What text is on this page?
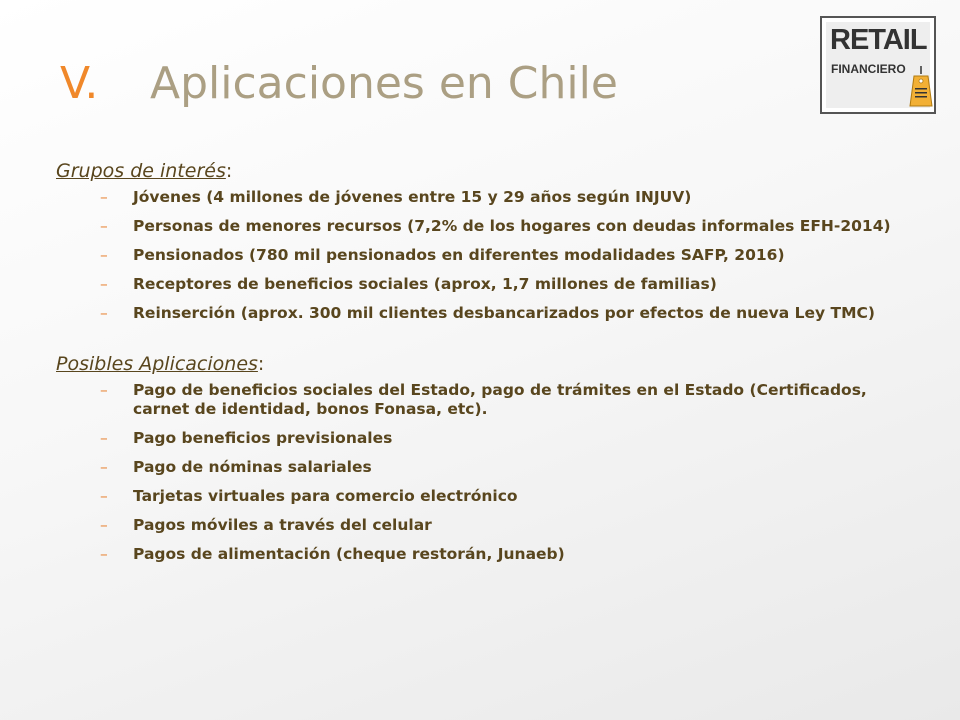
V. Aplicaciones en Chile
RETAIL
FINANCIERO

Grupos de interés:

– Jóvenes (4 millones de jóvenes entre 15 y 29 años según INJUV)
– Personas de menores recursos (7,2% de los hogares con deudas informales EFH-2014)
– Pensionados (780 mil pensionados en diferentes modalidades SAFP, 2016)
– Receptores de beneficios sociales (aprox, 1,7 millones de familias)
– Reinserción (aprox. 300 mil clientes desbancarizados por efectos de nueva Ley TMC)

Posibles Aplicaciones:

– Pago de beneficios sociales del Estado, pago de trámites en el Estado (Certificados, carnet de identidad, bonos Fonasa, etc).
– Pago beneficios previsionales
– Pago de nóminas salariales
– Tarjetas virtuales para comercio electrónico
– Pagos móviles a través del celular
– Pagos de alimentación (cheque restorán, Junaeb)
